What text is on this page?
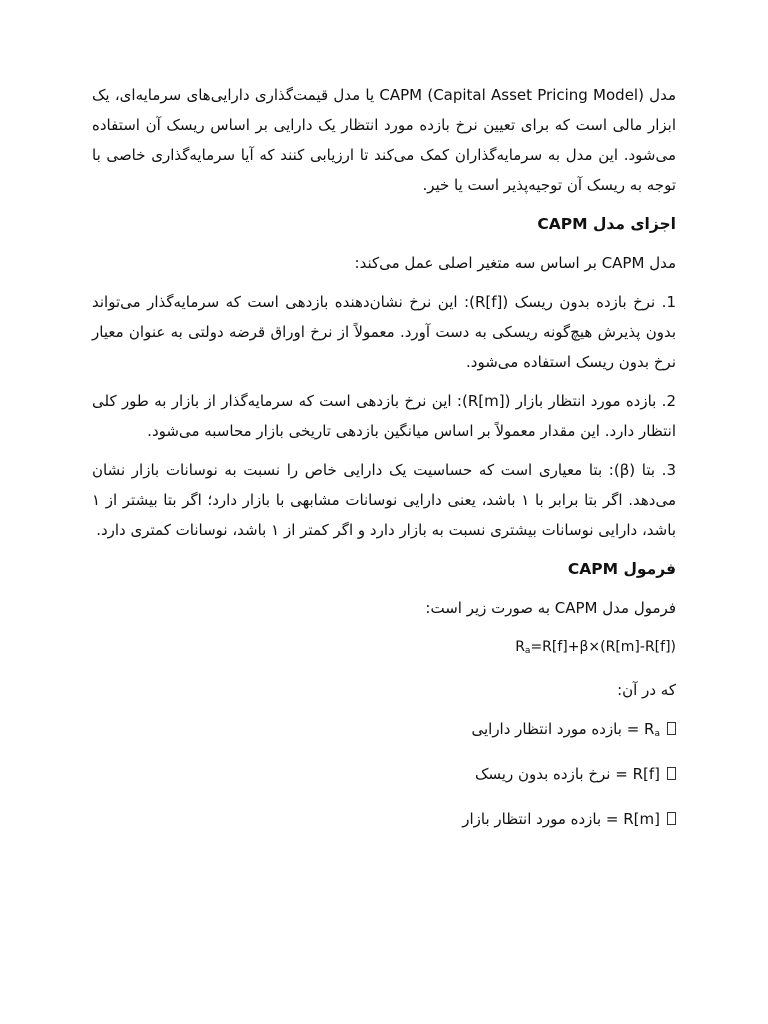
مدل CAPM (Capital Asset Pricing Model) یا مدل قیمت‌گذاری دارایی‌های سرمایه‌ای، یک ابزار مالی است که برای تعیین نرخ بازده مورد انتظار یک دارایی بر اساس ریسک آن استفاده می‌شود. این مدل به سرمایه‌گذاران کمک می‌کند تا ارزیابی کنند که آیا سرمایه‌گذاری خاصی با توجه به ریسک آن توجیه‌پذیر است یا خیر.

اجزای مدل CAPM

مدل CAPM بر اساس سه متغیر اصلی عمل می‌کند:

1. نرخ بازده بدون ریسک (R[f]): این نرخ نشان‌دهنده بازدهی است که سرمایه‌گذار می‌تواند بدون پذیرش هیچ‌گونه ریسکی به دست آورد. معمولاً از نرخ اوراق قرضه دولتی به عنوان معیار نرخ بدون ریسک استفاده می‌شود.

2. بازده مورد انتظار بازار (R[m]): این نرخ بازدهی است که سرمایه‌گذار از بازار به طور کلی انتظار دارد. این مقدار معمولاً بر اساس میانگین بازدهی تاریخی بازار محاسبه می‌شود.

3. بتا (β): بتا معیاری است که حساسیت یک دارایی خاص را نسبت به نوسانات بازار نشان می‌دهد. اگر بتا برابر با ۱ باشد، یعنی دارایی نوسانات مشابهی با بازار دارد؛ اگر بتا بیشتر از ۱ باشد، دارایی نوسانات بیشتری نسبت به بازار دارد و اگر کمتر از ۱ باشد، نوسانات کمتری دارد.

فرمول CAPM

فرمول مدل CAPM به صورت زیر است:

$R_a=R[f]+\beta\times(R[m]-R[f])$

که در آن:

$R_a$ = بازده مورد انتظار دارایی
R[f] = نرخ بازده بدون ریسک
R[m] = بازده مورد انتظار بازار
